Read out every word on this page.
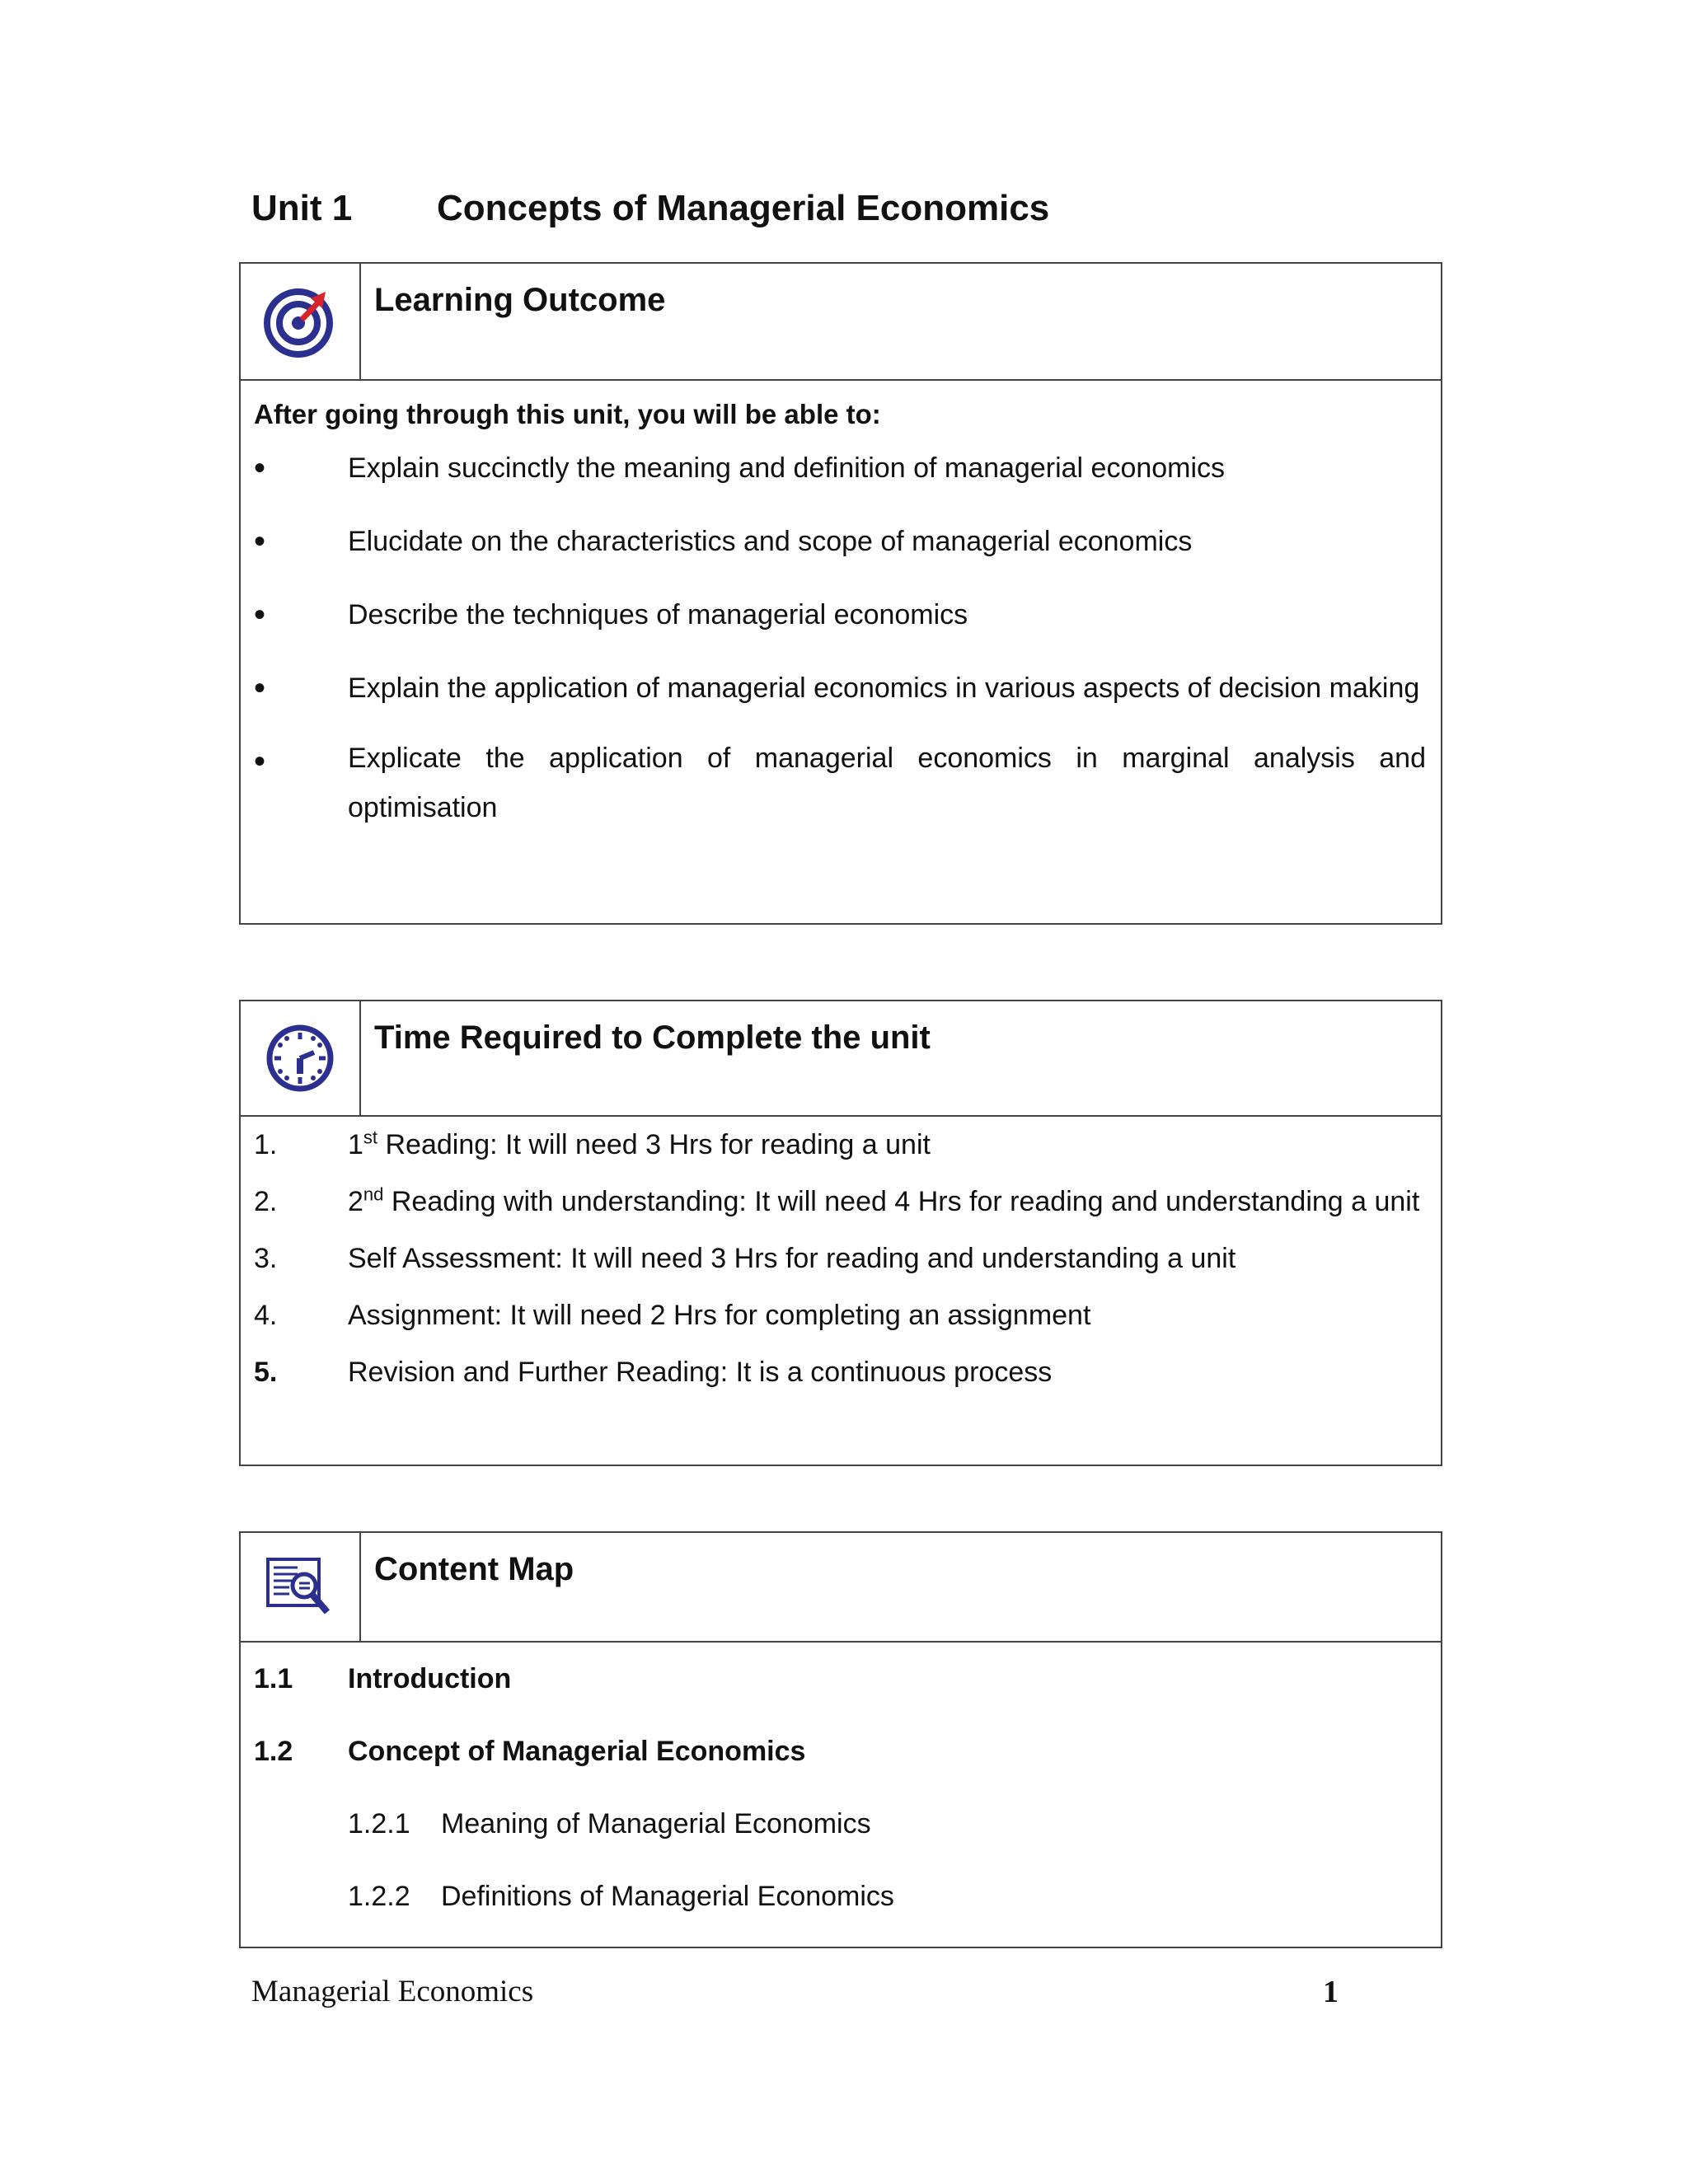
Unit 1 Concepts of Managerial Economics
Learning Outcome
After going through this unit, you will be able to:
•	Explain succinctly the meaning and definition of managerial economics
•	Elucidate on the characteristics and scope of managerial economics
•	Describe the techniques of managerial economics
•	Explain the application of managerial economics in various aspects of decision making
•	Explicate the application of managerial economics in marginal analysis and optimisation
Time Required to Complete the unit
1.	1st Reading: It will need 3 Hrs for reading a unit
2.	2nd Reading with understanding: It will need 4 Hrs for reading and understanding a unit
3.	Self Assessment: It will need 3 Hrs for reading and understanding a unit
4.	Assignment: It will need 2 Hrs for completing an assignment
5.	Revision and Further Reading: It is a continuous process
Content Map
1.1	Introduction
1.2	Concept of Managerial Economics
1.2.1	Meaning of Managerial Economics
1.2.2	Definitions of Managerial Economics
Managerial Economics	1
